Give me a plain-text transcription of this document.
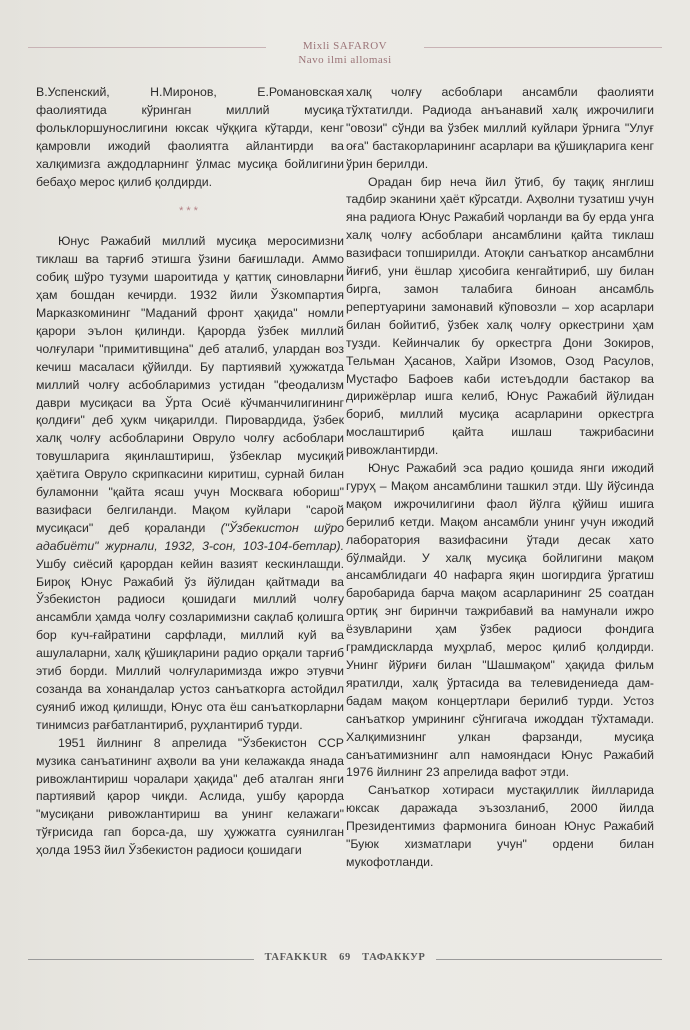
Mixli SAFAROV
Navo ilmi allomasi

В.Успенский, Н.Миронов, Е.Романовская фаолиятида кўринган миллий мусиқа фольклоршунослигини юксак чўққига кўтарди, кенг қамровли ижодий фаолиятга айлантирди ва халқимизга аждодларнинг ўлмас мусиқа бойлигини бебаҳо мерос қилиб қолдирди.

***

Юнус Ражабий миллий мусиқа меросимизни тиклаш ва тарғиб этишга ўзини бағишлади. Аммо собиқ шўро тузуми шароитида у қаттиқ синовларни ҳам бошдан кечирди. 1932 йили Ўзкомпартия Марказкомининг "Маданий фронт ҳақида" номли қарори эълон қилинди. Қарорда ўзбек миллий чолғулари "примитивщина" деб аталиб, улардан воз кечиш масаласи қўйилди. Бу партиявий ҳужжатда миллий чолғу асбобларимиз устидан "феодализм даври мусиқаси ва Ўрта Осиё кўчманчилигининг қолдиғи" деб ҳукм чиқарилди. Пировардида, ўзбек халқ чолғу асбобларини Овруло чолғу асбоблари товушларига яқинлаштириш, ўзбеклар мусиқий ҳаётига Овруло скрипкасини киритиш, сурнай билан буламонни "қайта ясаш учун Москвага юбориш" вазифаси белгиланди. Мақом куйлари "сарой мусиқаси" деб қораланди ("Ўзбекистон шўро адабиёти" журнали, 1932, 3-сон, 103-104-бетлар). Ушбу сиёсий қарордан кейин вазият кескинлашди. Бироқ Юнус Ражабий ўз йўлидан қайтмади ва Ўзбекистон радиоси қошидаги миллий чолғу ансамбли ҳамда чолғу созларимизни сақлаб қолишга бор куч-ғайратини сарфлади, миллий куй ва ашулаларни, халқ қўшиқларини радио орқали тарғиб этиб борди. Миллий чолғуларимизда ижро этувчи созанда ва хонандалар устоз санъаткорга астойдил суяниб ижод қилишди, Юнус ота ёш санъаткорларни тинимсиз рағбатлантириб, руҳлантириб турди.

1951 йилнинг 8 апрелида "Ўзбекистон ССР музика санъатининг аҳволи ва уни келажакда янада ривожлантириш чоралари ҳақида" деб аталган янги партиявий қарор чиқди. Аслида, ушбу қарорда "мусиқани ривожлантириш ва унинг келажаги" тўғрисида гап борса-да, шу ҳужжатга суянилган ҳолда 1953 йил Ўзбекистон радиоси қошидаги

халқ чолғу асбоблари ансамбли фаолияти тўхтатилди. Радиода анъанавий халқ ижрочилиги "овози" сўнди ва ўзбек миллий куйлари ўрнига "Улуғ оға" бастакорларининг асарлари ва қўшиқларига кенг ўрин берилди.

Орадан бир неча йил ўтиб, бу тақиқ янглиш тадбир эканини ҳаёт кўрсатди. Аҳволни тузатиш учун яна радиога Юнус Ражабий чорланди ва бу ерда унга халқ чолғу асбоблари ансамблини қайта тиклаш вазифаси топширилди. Атоқли санъаткор ансамблни йиғиб, уни ёшлар ҳисобига кенгайтириб, шу билан бирга, замон талабига биноан ансамбль репертуарини замонавий кўповозли – хор асарлари билан бойитиб, ўзбек халқ чолғу оркестрини ҳам тузди. Кейинчалик бу оркестрга Дони Зокиров, Тельман Ҳасанов, Хайри Изомов, Озод Расулов, Мустафо Бафоев каби истеъдодли бастакор ва дирижёрлар ишга келиб, Юнус Ражабий йўлидан бориб, миллий мусиқа асарларини оркестрга мослаштириб қайта ишлаш тажрибасини ривожлантирди.

Юнус Ражабий эса радио қошида янги ижодий гуруҳ – Мақом ансамблини ташкил этди. Шу йўсинда мақом ижрочилигини фаол йўлга қўйиш ишига берилиб кетди. Мақом ансамбли унинг учун ижодий лаборатория вазифасини ўтади десак хато бўлмайди. У халқ мусиқа бойлигини мақом ансамблидаги 40 нафарга яқин шогирдига ўргатиш баробарида барча мақом асарларининг 25 соатдан ортиқ энг биринчи тажрибавий ва намунали ижро ёзувларини ҳам ўзбек радиоси фондига грамдискларда муҳрлаб, мерос қилиб қолдирди. Унинг йўриғи билан "Шашмақом" ҳақида фильм яратилди, халқ ўртасида ва телевидениеда дам-бадам мақом концертлари берилиб турди. Устоз санъаткор умрининг сўнгигача ижоддан тўхтамади. Халқимизнинг улкан фарзанди, мусиқа санъатимизнинг алп намояндаси Юнус Ражабий 1976 йилнинг 23 апрелида вафот этди.

Санъаткор хотираси мустақиллик йилларида юксак даражада эъзозланиб, 2000 йилда Президентимиз фармонига биноан Юнус Ражабий "Буюк хизматлари учун" ордени билан мукофотланди.

TAFAKKUR 69 ТАФАККУР
